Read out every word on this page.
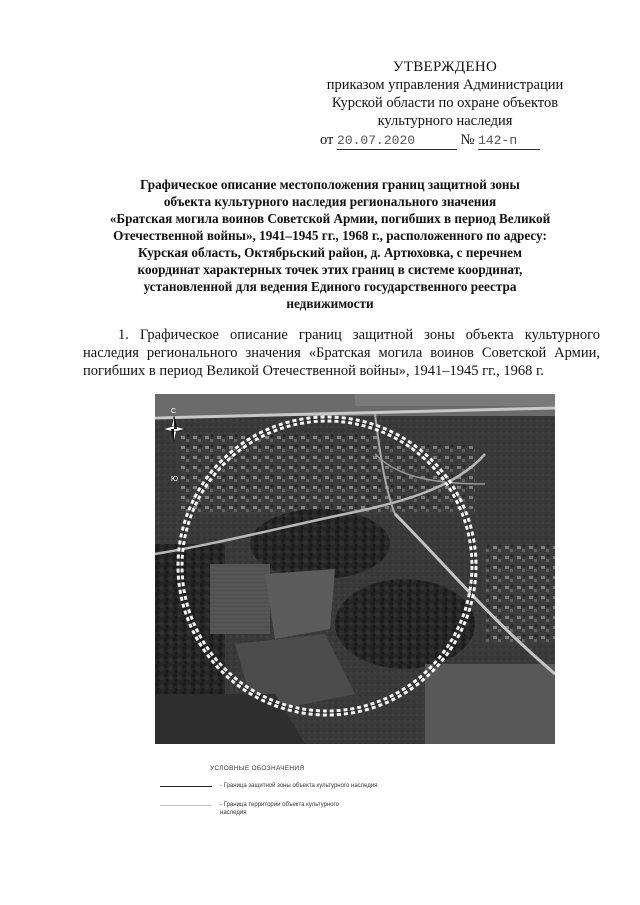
УТВЕРЖДЕНО
приказом управления Администрации
Курской области по охране объектов
культурного наследия
от 20.07.2020	№ 142-п
Графическое описание местоположения границ защитной зоны
объекта культурного наследия регионального значения
«Братская могила воинов Советской Армии, погибших в период Великой
Отечественной войны», 1941–1945 гг., 1968 г., расположенного по адресу:
Курская область, Октябрьский район, д. Артюховка, с перечнем
координат характерных точек этих границ в системе координат,
установленной для ведения Единого государственного реестра
недвижимости
1. Графическое описание границ защитной зоны объекта культурного наследия регионального значения «Братская могила воинов Советской Армии, погибших в период Великой Отечественной войны», 1941–1945 гг., 1968 г.
С
Ю
УСЛОВНЫЕ ОБОЗНАЧЕНИЯ
- Граница защитной зоны объекта культурного наследия
- Граница территории объекта культурного
наследия
